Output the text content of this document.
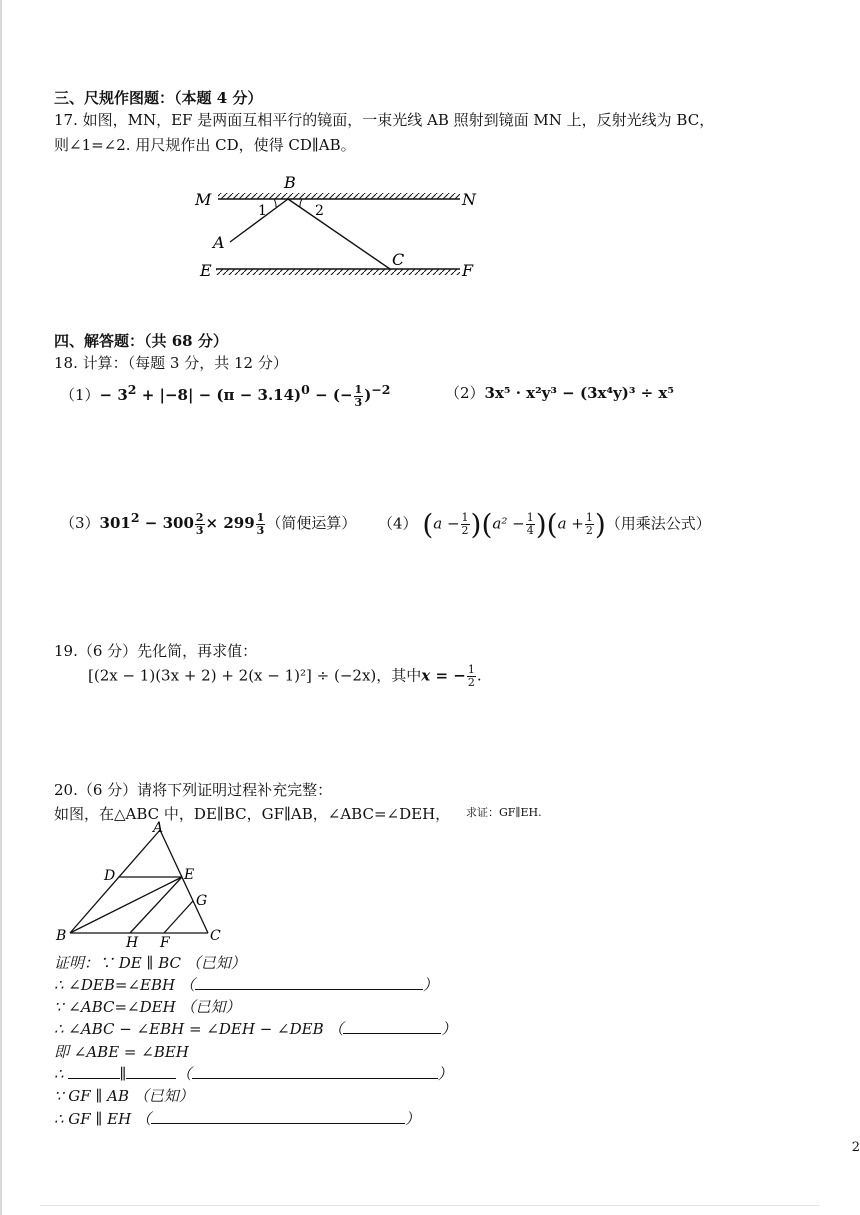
三、尺规作图题：（本题 4 分）
17. 如图，MN，EF 是两面互相平行的镜面，一束光线 AB 照射到镜面 MN 上，反射光线为 BC，
则∠1=∠2. 用尺规作出 CD，使得 CD∥AB。
M	N
B
A
C
E	F
1	2
四、解答题：（共 68 分）
18. 计算：（每题 3 分，共 12 分）
$(1)- 3^2 + |-8| - (\pi - 3.14)^0$ − (− $\frac{1}{3} )^{-2}$	（2）3x⁵ · x²y³ − (3x⁴y)³ ÷ x⁵
$(3)301^2 - 300 \frac{2}{3} \times 299 \frac{1}{3}$ （简便运算） （4） $(a - \frac{1}{2} )(a^2 - \frac{1}{4} )(a + \frac{1}{2}$ )（用乘法公式）
19.（6 分）先化简，再求值：
[(2x − 1)(3x + 2) + 2(x − 1)²] ÷ (−2x)，其中x = − $\frac{1}{2}$ .
20.（6 分）请将下列证明过程补充完整：
如图，在△ABC 中，DE∥BC，GF∥AB，∠ABC=∠DEH， 求证：GF∥EH.
A
B	C
D	E
F
G
H
证明：∵ DE ∥ BC （已知）
∴ ∠DEB=∠EBH （	）
∵ ∠ABC=∠DEH （已知）
∴ ∠ABC − ∠EBH = ∠DEH − ∠DEB （	）
即 ∠ABE = ∠BEH
∴	∥	（	）
∵ GF ∥ AB （已知）
∴ GF ∥ EH （	）
2
